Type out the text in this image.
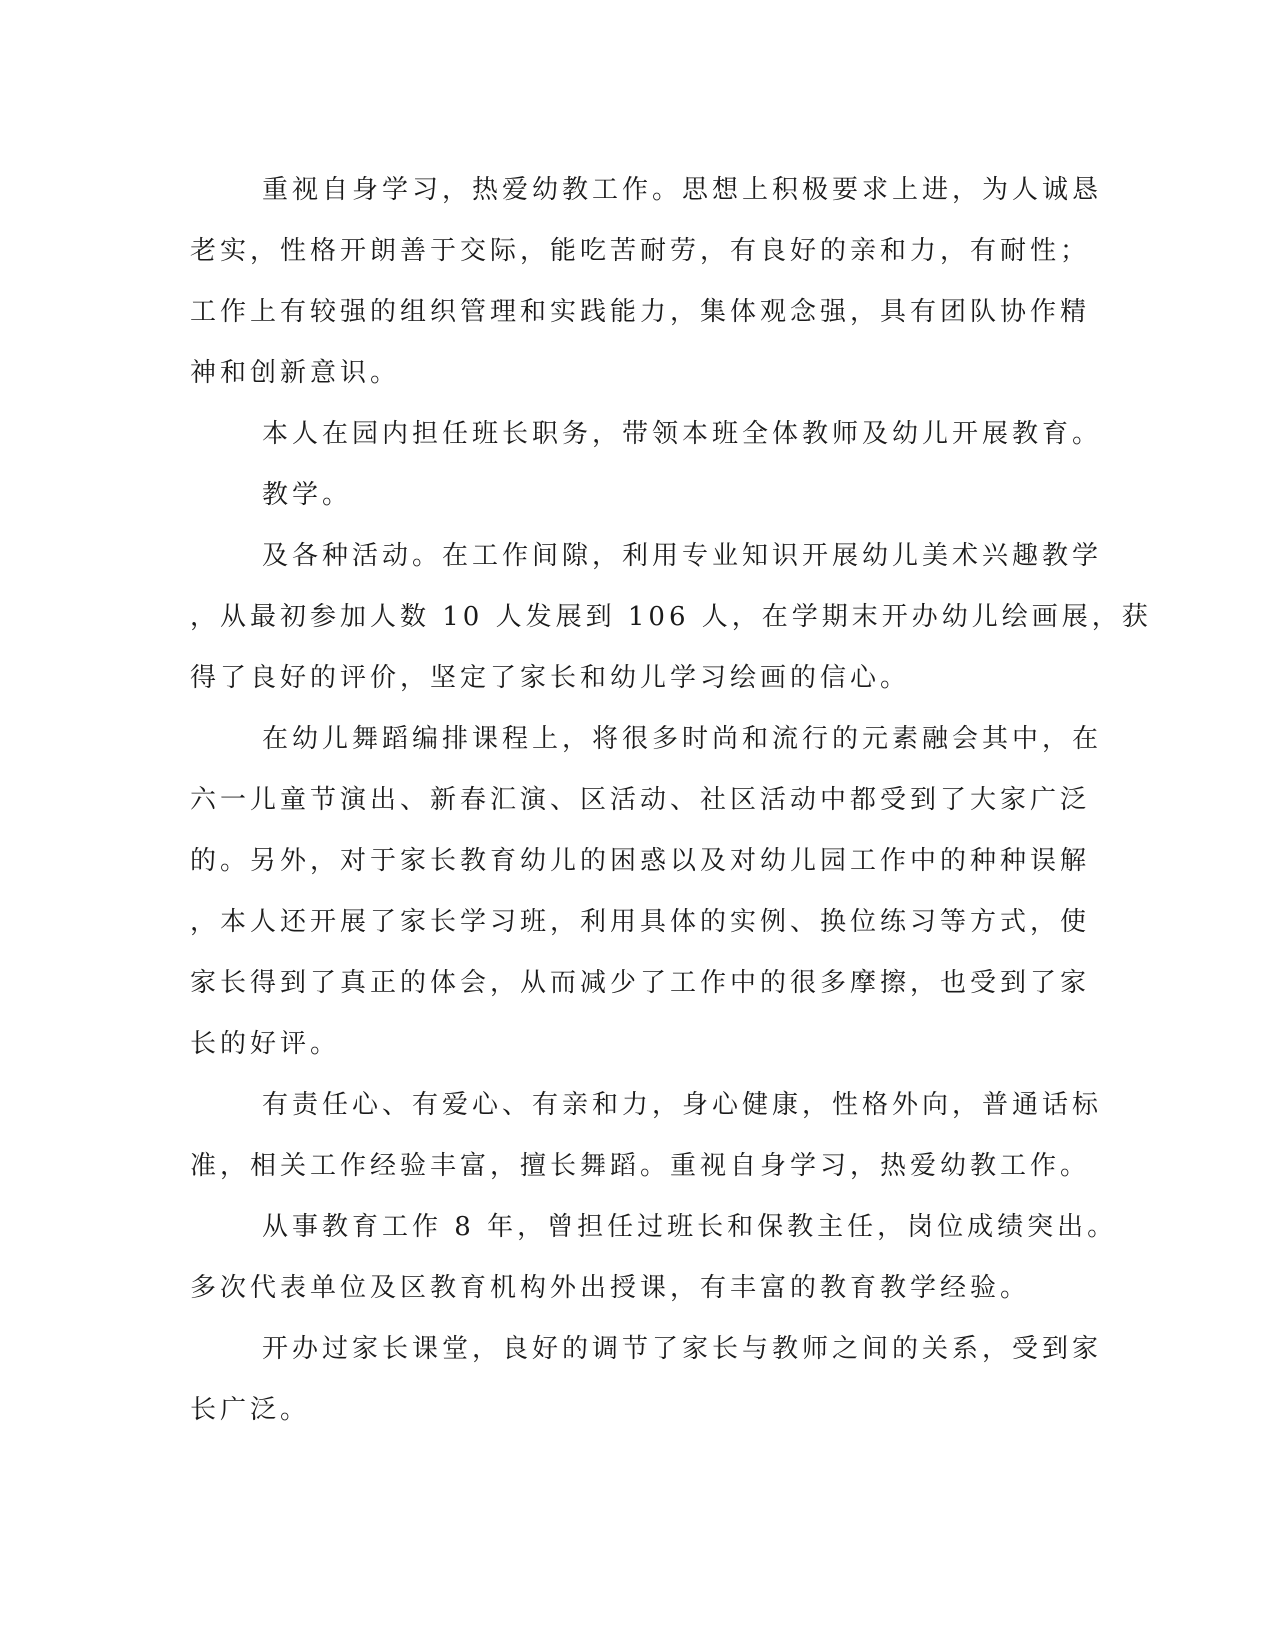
重视自身学习，热爱幼教工作。思想上积极要求上进，为人诚恳
老实，性格开朗善于交际，能吃苦耐劳，有良好的亲和力，有耐性；
工作上有较强的组织管理和实践能力，集体观念强，具有团队协作精
神和创新意识。
本人在园内担任班长职务，带领本班全体教师及幼儿开展教育。
教学。
及各种活动。在工作间隙，利用专业知识开展幼儿美术兴趣教学
，从最初参加人数 10 人发展到 106 人，在学期末开办幼儿绘画展，获
得了良好的评价，坚定了家长和幼儿学习绘画的信心。
在幼儿舞蹈编排课程上，将很多时尚和流行的元素融会其中，在
六一儿童节演出、新春汇演、区活动、社区活动中都受到了大家广泛
的。另外，对于家长教育幼儿的困惑以及对幼儿园工作中的种种误解
，本人还开展了家长学习班，利用具体的实例、换位练习等方式，使
家长得到了真正的体会，从而减少了工作中的很多摩擦，也受到了家
长的好评。
有责任心、有爱心、有亲和力，身心健康，性格外向，普通话标
准，相关工作经验丰富，擅长舞蹈。重视自身学习，热爱幼教工作。
从事教育工作 8 年，曾担任过班长和保教主任，岗位成绩突出。
多次代表单位及区教育机构外出授课，有丰富的教育教学经验。
开办过家长课堂，良好的调节了家长与教师之间的关系，受到家
长广泛。
